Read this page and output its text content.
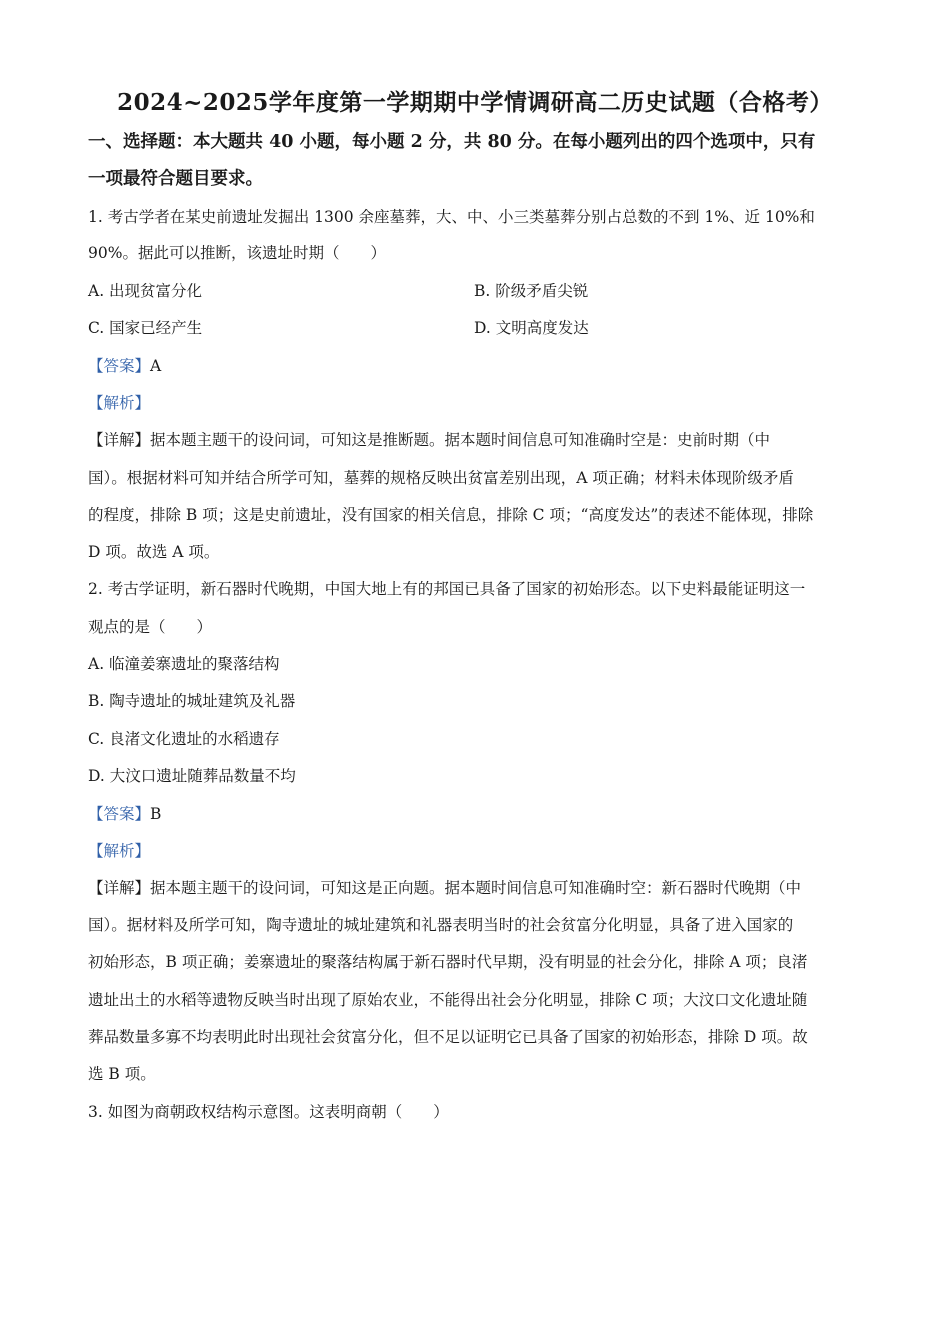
2024~2025学年度第一学期期中学情调研高二历史试题（合格考）
一、选择题：本大题共 40 小题，每小题 2 分，共 80 分。在每小题列出的四个选项中，只有
一项最符合题目要求。
1. 考古学者在某史前遗址发掘出 1300 余座墓葬，大、中、小三类墓葬分别占总数的不到 1%、近 10%和
90%。据此可以推断，该遗址时期（　　）
A. 出现贫富分化	B. 阶级矛盾尖锐
C. 国家已经产生	D. 文明高度发达
【答案】A
【解析】
【详解】据本题主题干的设问词，可知这是推断题。据本题时间信息可知准确时空是：史前时期（中
国）。根据材料可知并结合所学可知，墓葬的规格反映出贫富差别出现，A 项正确；材料未体现阶级矛盾
的程度，排除 B 项；这是史前遗址，没有国家的相关信息，排除 C 项；“高度发达”的表述不能体现，排除
D 项。故选 A 项。
2. 考古学证明，新石器时代晚期，中国大地上有的邦国已具备了国家的初始形态。以下史料最能证明这一
观点的是（　　）
A. 临潼姜寨遗址的聚落结构
B. 陶寺遗址的城址建筑及礼器
C. 良渚文化遗址的水稻遗存
D. 大汶口遗址随葬品数量不均
【答案】B
【解析】
【详解】据本题主题干的设问词，可知这是正向题。据本题时间信息可知准确时空：新石器时代晚期（中
国）。据材料及所学可知，陶寺遗址的城址建筑和礼器表明当时的社会贫富分化明显，具备了进入国家的
初始形态，B 项正确；姜寨遗址的聚落结构属于新石器时代早期，没有明显的社会分化，排除 A 项；良渚
遗址出土的水稻等遗物反映当时出现了原始农业，不能得出社会分化明显，排除 C 项；大汶口文化遗址随
葬品数量多寡不均表明此时出现社会贫富分化，但不足以证明它已具备了国家的初始形态，排除 D 项。故
选 B 项。
3. 如图为商朝政权结构示意图。这表明商朝（　　）
